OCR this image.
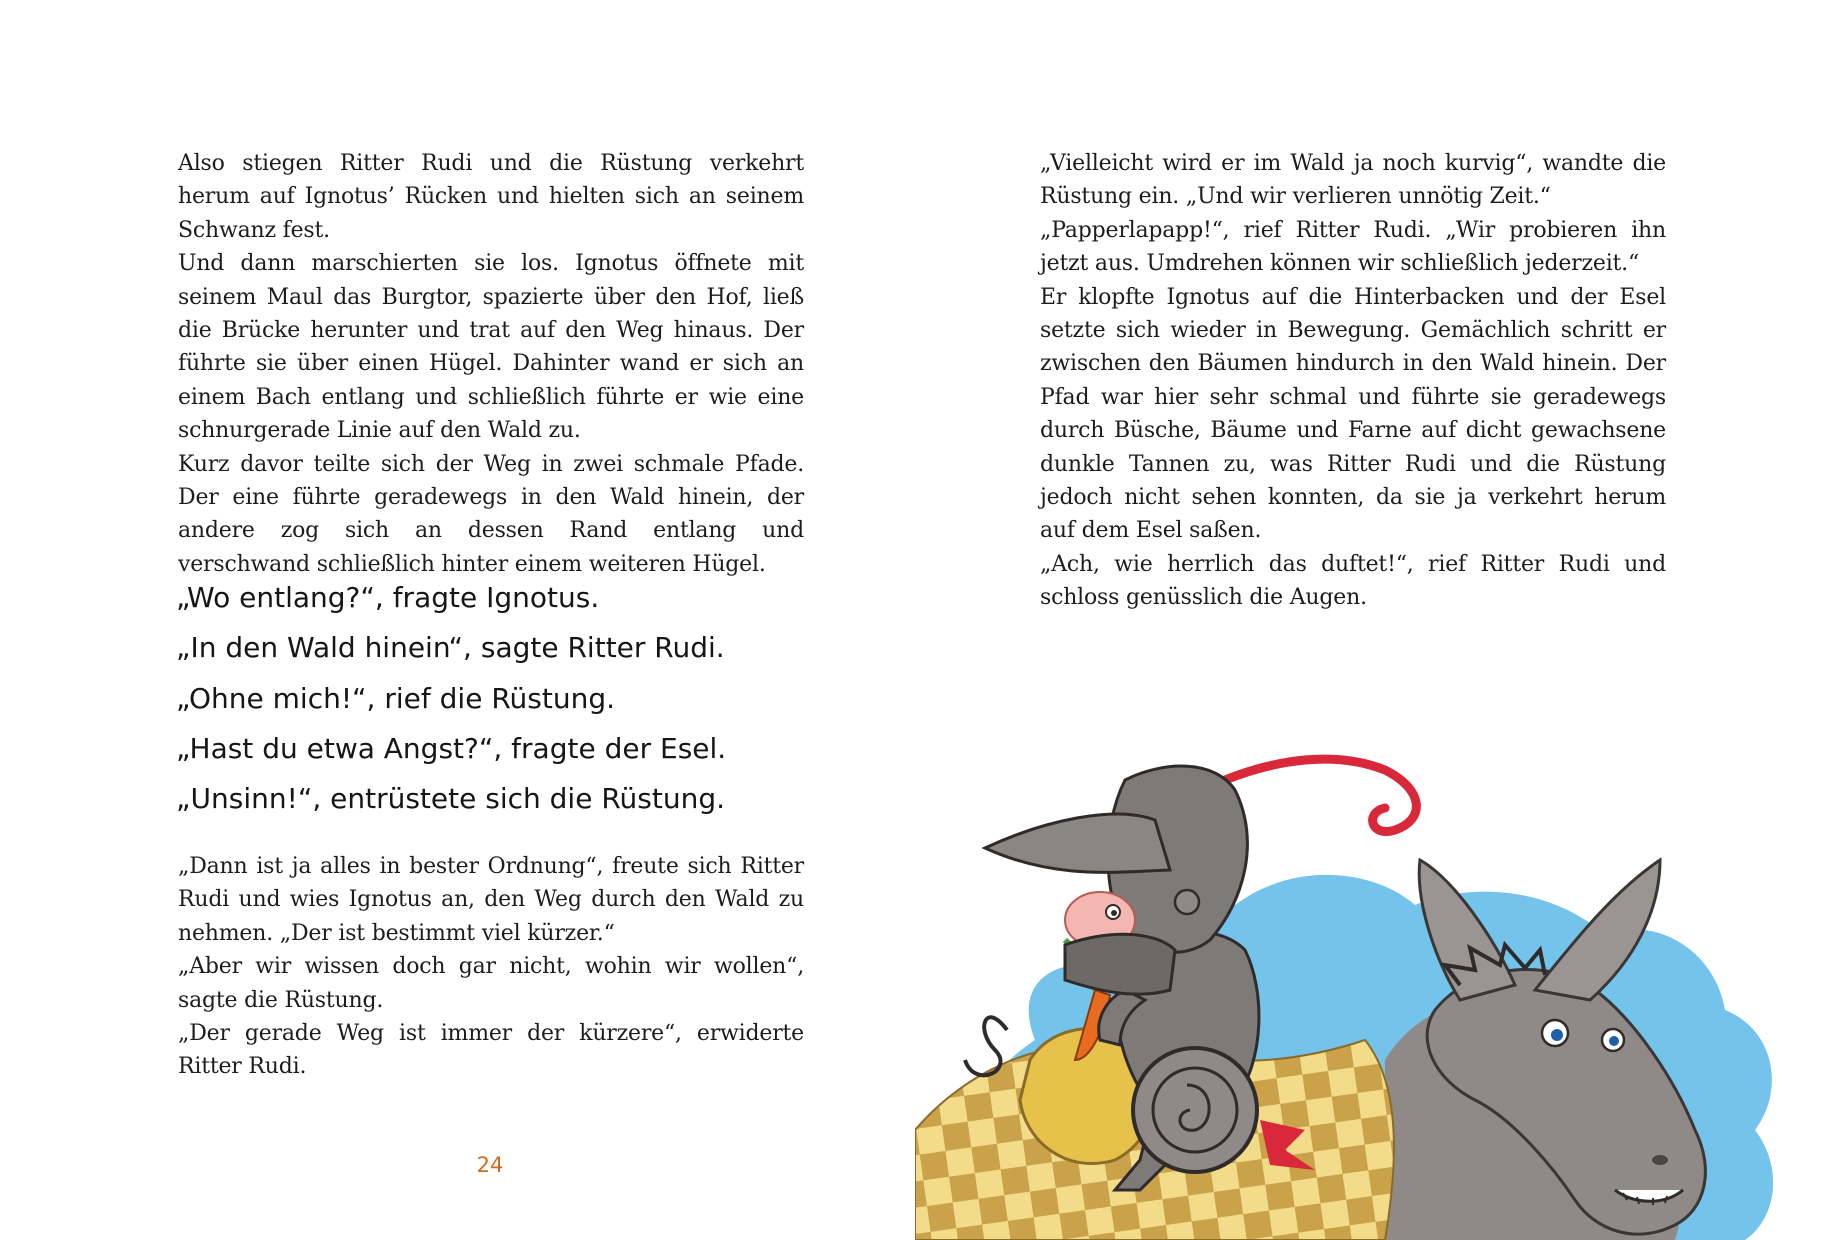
Also stiegen Ritter Rudi und die Rüstung verkehrt herum auf Ignotus’ Rücken und hielten sich an seinem Schwanz fest.

Und dann marschierten sie los. Ignotus öffnete mit seinem Maul das Burgtor, spazierte über den Hof, ließ die Brücke herunter und trat auf den Weg hinaus. Der führte sie über einen Hügel. Dahinter wand er sich an einem Bach entlang und schließlich führte er wie eine schnurgerade Linie auf den Wald zu.

Kurz davor teilte sich der Weg in zwei schmale Pfade. Der eine führte geradewegs in den Wald hinein, der andere zog sich an dessen Rand entlang und verschwand schließlich hinter einem weiteren Hügel.

„Wo entlang?“, fragte Ignotus.
„In den Wald hinein“, sagte Ritter Rudi.
„Ohne mich!“, rief die Rüstung.
„Hast du etwa Angst?“, fragte der Esel.
„Unsinn!“, entrüstete sich die Rüstung.

„Dann ist ja alles in bester Ordnung“, freute sich Ritter Rudi und wies Ignotus an, den Weg durch den Wald zu nehmen. „Der ist bestimmt viel kürzer.“

„Aber wir wissen doch gar nicht, wohin wir wollen“, sagte die Rüstung.

„Der gerade Weg ist immer der kürzere“, erwiderte Ritter Rudi.

24

„Vielleicht wird er im Wald ja noch kurvig“, wandte die Rüstung ein. „Und wir verlieren unnötig Zeit.“

„Papperlapapp!“, rief Ritter Rudi. „Wir probieren ihn jetzt aus. Umdrehen können wir schließlich jederzeit.“

Er klopfte Ignotus auf die Hinterbacken und der Esel setzte sich wieder in Bewegung. Gemächlich schritt er zwischen den Bäumen hindurch in den Wald hinein. Der Pfad war hier sehr schmal und führte sie geradewegs durch Büsche, Bäume und Farne auf dicht gewachsene dunkle Tannen zu, was Ritter Rudi und die Rüstung jedoch nicht sehen konnten, da sie ja verkehrt herum auf dem Esel saßen.

„Ach, wie herrlich das duftet!“, rief Ritter Rudi und schloss genüsslich die Augen.
